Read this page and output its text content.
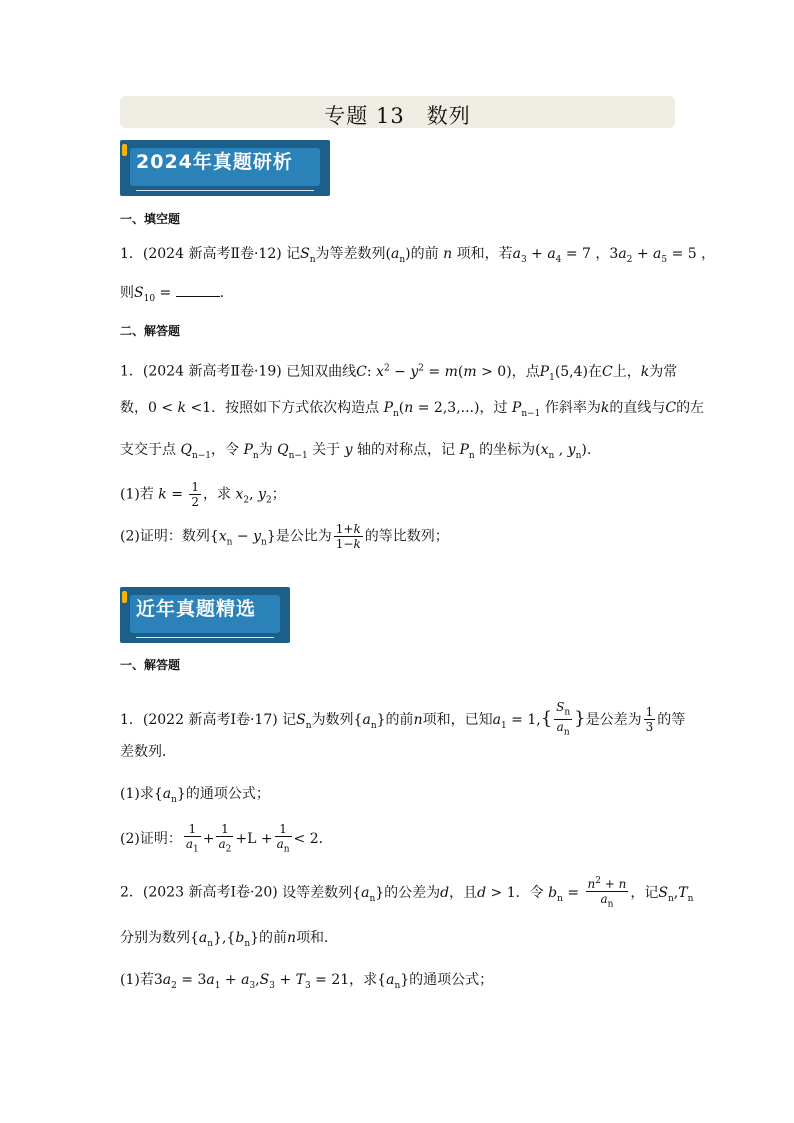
专题 13　数列
2024年真题研析
一、填空题
1．(2024 新高考Ⅱ卷·12) 记$S_n$为等差数列$(a_n)$的前 n 项和，若$a_3 + a_4 = 7$ ，$3a_2 + a_5 = 5$ ，
则$S_{10}$ =	.
二、解答题
1．(2024 新高考Ⅱ卷·19) 已知双曲线C: $x^2 - y^2 = m(m > 0)$，点$P_1(5,4)$在C上，k为常
数，0 < k <1．按照如下方式依次构造点 $P_n(n = 2,3,...)$，过 $P_{n-1}$ 作斜率为k的直线与C的左
支交于点 $Q_{n-1}$，令 $P_n$为 $Q_{n-1}$ 关于 y 轴的对称点，记 $P_n$ 的坐标为($x_n$ , $y_n$).
(1)若 $k = \frac{1}{2}$ ，求 $x_2$, $y_2$；
(2)证明：数列$\{x_n - y_n\}$是公比为 $\frac{1+k}{1-k}$ 的等比数列；
近年真题精选
一、解答题
1．(2022 新高考Ⅰ卷·17) 记$S_n$为数列$\{a_n\}$的前n项和，已知$a_1 = 1,\{ \frac{S_n}{a_n}$ }是公差为 $\frac{1}{3}$ 的等
差数列．
(1)求$\{a_n\}$的通项公式；
(2)证明： $\frac{1}{a_1} + \frac{1}{a_2} +L + \frac{1}{a_n} < 2$．
2．(2023 新高考Ⅰ卷·20) 设等差数列$\{a_n\}$的公差为d，且d > 1．令 $b_n = \frac{n^2 + n}{a_n}$ ，记$S_n,T_n$
分别为数列$\{a_n\},\{b_n\}$的前n项和．
(1)若$3a_2 = 3a_1 + a_3,S_3 + T_3 = 21$，求$\{a_n\}$的通项公式；
